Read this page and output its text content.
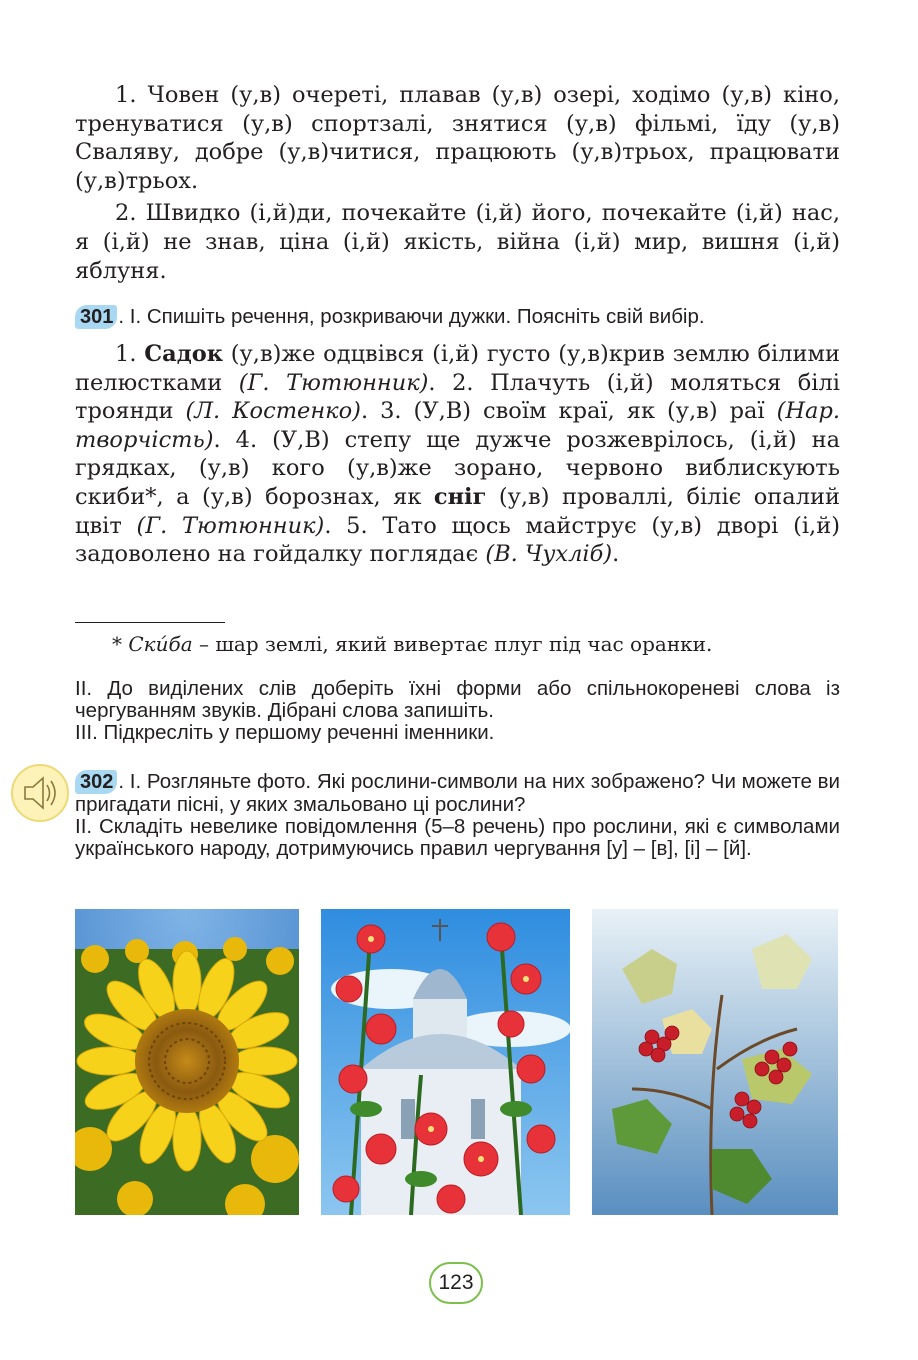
1. Човен (у,в) очереті, плавав (у,в) озері, ходімо (у,в) кіно, тренуватися (у,в) спортзалі, знятися (у,в) фільмі, їду (у,в) Сваляву, добре (у,в)читися, працюють (у,в)трьох, працювати (у,в)трьох.

2. Швидко (і,й)ди, почекайте (і,й) його, почекайте (і,й) нас, я (і,й) не знав, ціна (і,й) якість, війна (і,й) мир, вишня (і,й) яблуня.

301 . І. Спишіть речення, розкриваючи дужки. Поясніть свій вибір.

1. Садок (у,в)же одцвівся (і,й) густо (у,в)крив землю білими пелюстками (Г. Тютюнник). 2. Плачуть (і,й) моляться білі троянди (Л. Костенко). 3. (У,В) своїм краї, як (у,в) раї (Нар. творчість). 4. (У,В) степу ще дужче розжеврілось, (і,й) на грядках, (у,в) кого (у,в)же зорано, червоно виблискують скиби*, а (у,в) борознах, як сніг (у,в) проваллі, біліє опалий цвіт (Г. Тютюнник). 5. Тато щось майструє (у,в) дворі (і,й) задоволено на гойдалку поглядає (В. Чухліб).

* Ски́ба – шар землі, який вивертає плуг під час оранки.
ІІ. До виділених слів доберіть їхні форми або спільнокореневі слова із чергуванням звуків. Дібрані слова запишіть.
ІІІ. Підкресліть у першому реченні іменники.
302 . І. Розгляньте фото. Які рослини-символи на них зображено? Чи можете ви пригадати пісні, у яких змальовано ці рослини?
ІІ. Складіть невелике повідомлення (5–8 речень) про рослини, які є символами українського народу, дотримуючись правил чергування [у] – [в], [і] – [й].
123
